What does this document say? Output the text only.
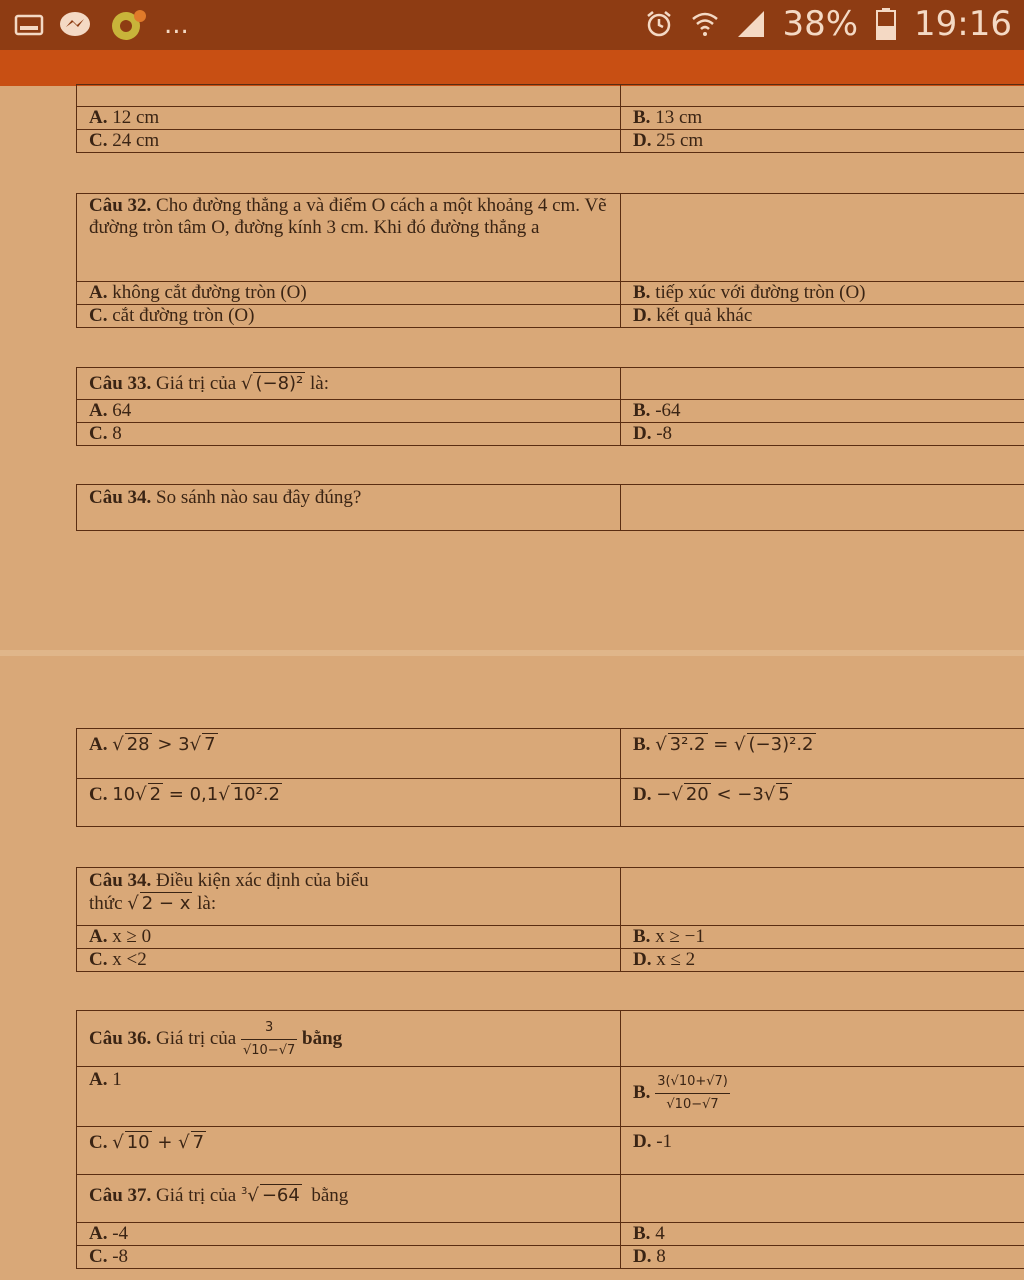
...	38% 19:16

A. 12 cm	B. 13 cm
C. 24 cm	D. 25 cm
Câu 32. Cho đường thẳng a và điểm O cách a một khoảng 4 cm. Vẽ đường tròn tâm O, đường kính 3 cm. Khi đó đường thẳng a	
A. không cắt đường tròn (O)	B. tiếp xúc với đường tròn (O)
C. cắt đường tròn (O)	D. kết quả khác
Câu 33. Giá trị của √ (−8)² là:	
A. 64	B. -64
C. 8	D. -8
Câu 34. So sánh nào sau đây đúng?	
A. √ 28 > 3√ 7	B. √ 3².2 = √ (−3)².2
C. 10√ 2 = 0,1√ 10².2	D. −√ 20 < −3√ 5
Câu 34. Điều kiện xác định của biểu
thức √ 2 − x là:	
A. x ≥ 0	B. x ≥ −1
C. x <2	D. x ≤ 2
Câu 36. Giá trị của $\frac{3}{√10-√7}$ bằng	
A. 1	B. $\frac{3(√10+√7)}{√10-√7}$

C. √ 10 + √ 7	D. -1
Câu 37. Giá trị của $^3$√ −64 bằng	
A. -4	B. 4
C. -8	D. 8
